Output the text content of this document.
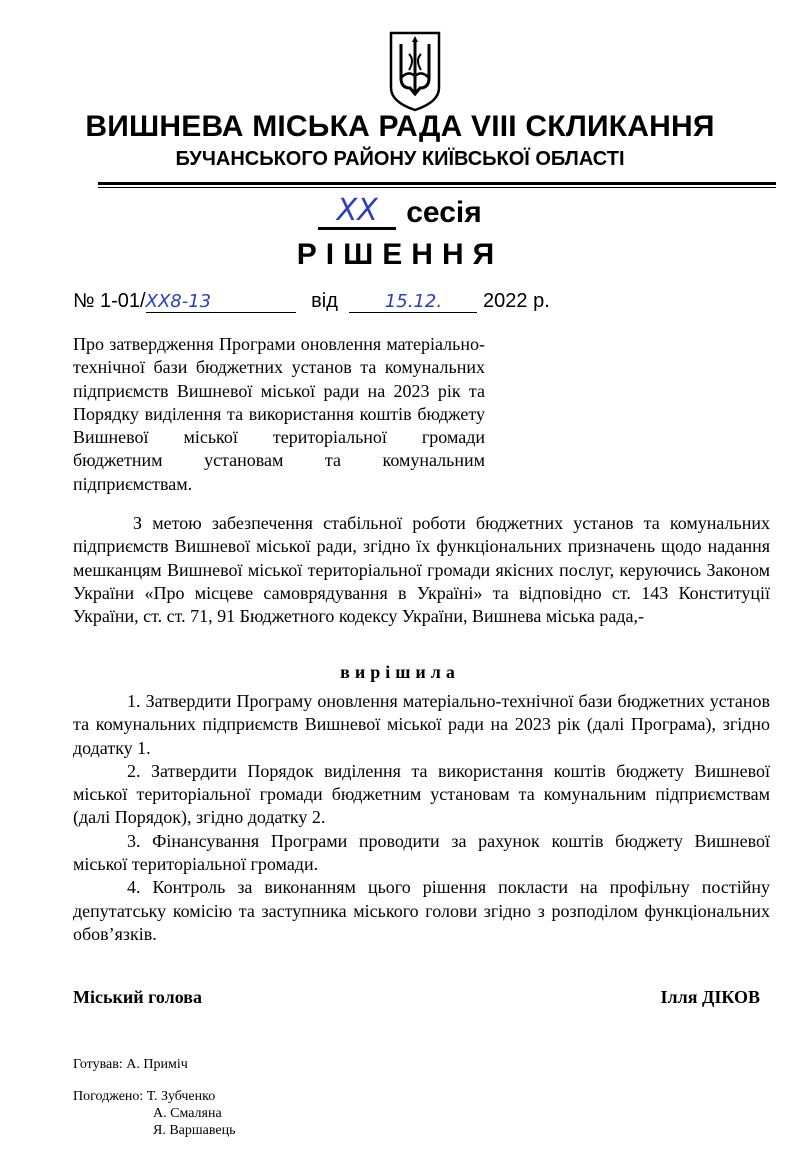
ВИШНЕВА МІСЬКА РАДА VIII СКЛИКАННЯ
БУЧАНСЬКОГО РАЙОНУ КИЇВСЬКОЇ ОБЛАСТІ
XX сесія
РІШЕННЯ
№ 1-01/XX8-13	від	15.12. 2022 р.
Про затвердження Програми оновлення матеріально-технічної бази бюджетних установ та комунальних підприємств Вишневої міської ради на 2023 рік та Порядку виділення та використання коштів бюджету Вишневої міської територіальної громади бюджетним установам та комунальним підприємствам.
З метою забезпечення стабільної роботи бюджетних установ та комунальних підприємств Вишневої міської ради, згідно їх функціональних призначень щодо надання мешканцям Вишневої міської територіальної громади якісних послуг, керуючись Законом України «Про місцеве самоврядування в Україні» та відповідно ст. 143 Конституції України, ст. ст. 71, 91 Бюджетного кодексу України, Вишнева міська рада,-
вирішила

1. Затвердити Програму оновлення матеріально-технічної бази бюджетних установ та комунальних підприємств Вишневої міської ради на 2023 рік (далі Програма), згідно додатку 1.

2. Затвердити Порядок виділення та використання коштів бюджету Вишневої міської територіальної громади бюджетним установам та комунальним підприємствам (далі Порядок), згідно додатку 2.

3. Фінансування Програми проводити за рахунок коштів бюджету Вишневої міської територіальної громади.

4. Контроль за виконанням цього рішення покласти на профільну постійну депутатську комісію та заступника міського голови згідно з розподілом функціональних обов’язків.

Міський голова	Ілля ДІКОВ
Готував: А. Приміч
Погоджено: Т. Зубченко
А. Смаляна
Я. Варшавець
